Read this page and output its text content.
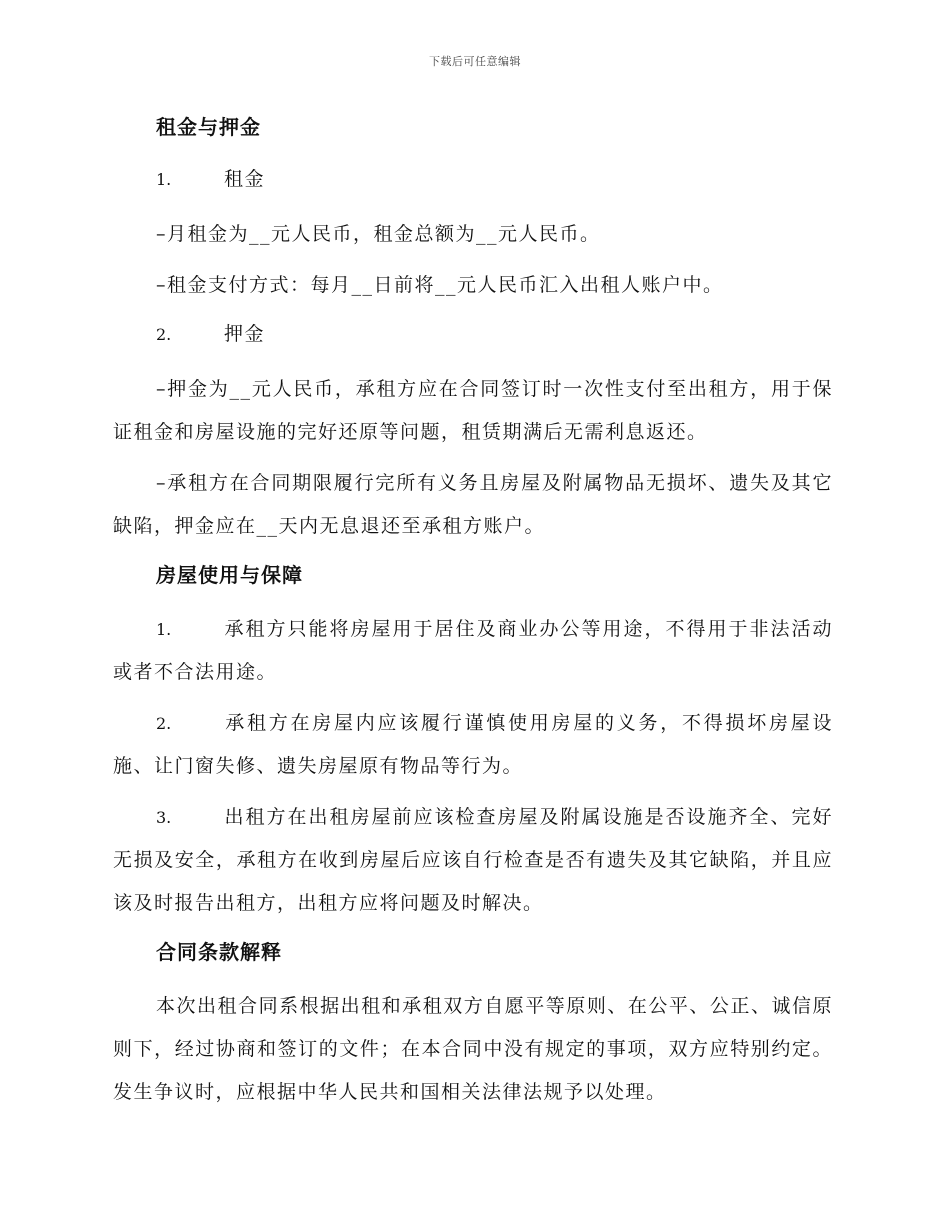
下载后可任意编辑
租金与押金
1.	租金
–月租金为__元人民币，租金总额为__元人民币。
–租金支付方式：每月__日前将__元人民币汇入出租人账户中。
2.	押金
–押金为__元人民币，承租方应在合同签订时一次性支付至出租方，用于保证租金和房屋设施的完好还原等问题，租赁期满后无需利息返还。
–承租方在合同期限履行完所有义务且房屋及附属物品无损坏、遗失及其它缺陷，押金应在__天内无息退还至承租方账户。
房屋使用与保障
1.	承租方只能将房屋用于居住及商业办公等用途，不得用于非法活动或者不合法用途。
2.	承租方在房屋内应该履行谨慎使用房屋的义务，不得损坏房屋设施、让门窗失修、遗失房屋原有物品等行为。
3.	出租方在出租房屋前应该检查房屋及附属设施是否设施齐全、完好无损及安全，承租方在收到房屋后应该自行检查是否有遗失及其它缺陷，并且应该及时报告出租方，出租方应将问题及时解决。
合同条款解释
本次出租合同系根据出租和承租双方自愿平等原则、在公平、公正、诚信原则下，经过协商和签订的文件；在本合同中没有规定的事项，双方应特别约定。发生争议时，应根据中华人民共和国相关法律法规予以处理。
